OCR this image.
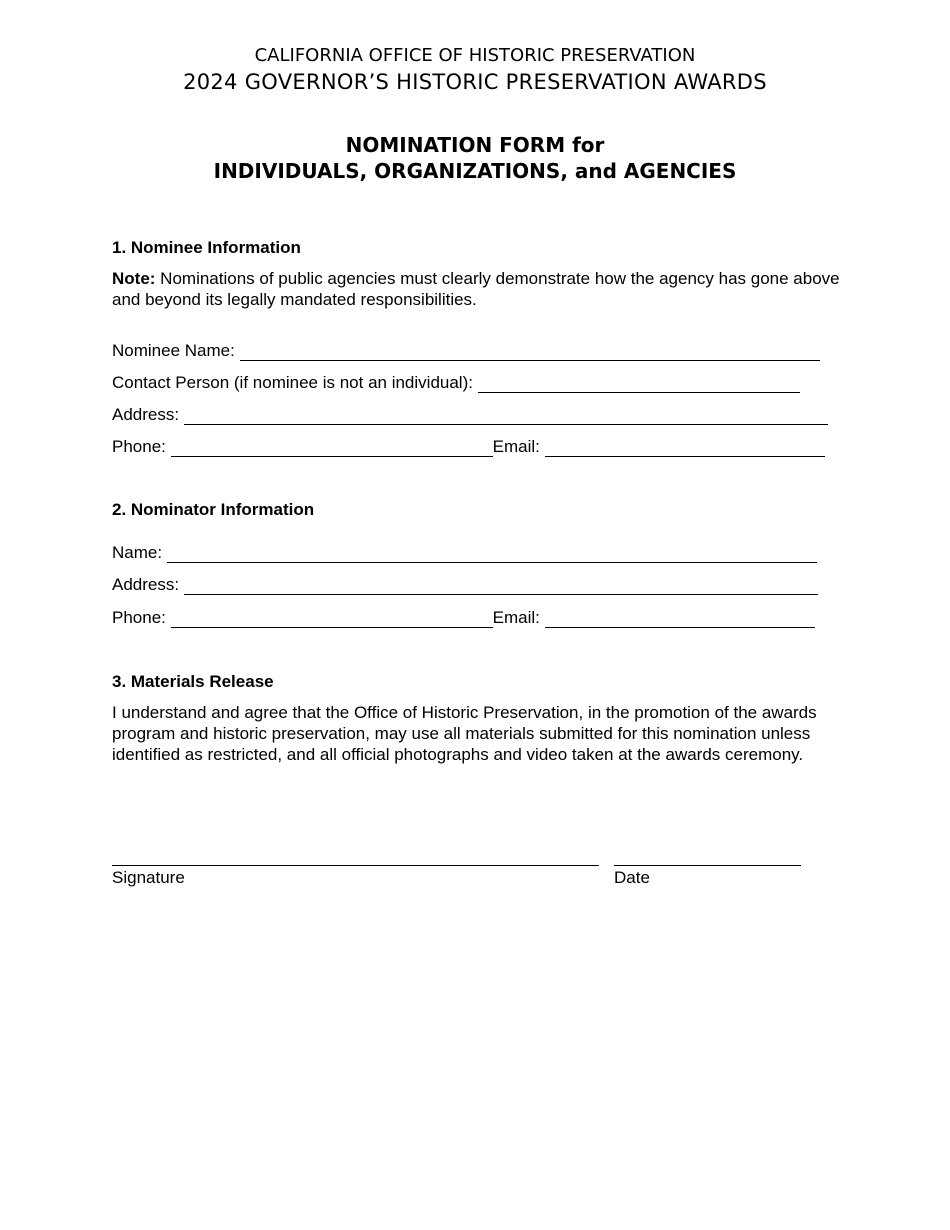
CALIFORNIA OFFICE OF HISTORIC PRESERVATION
2024 GOVERNOR’S HISTORIC PRESERVATION AWARDS
NOMINATION FORM for
INDIVIDUALS, ORGANIZATIONS, and AGENCIES
1. Nominee Information
Note: Nominations of public agencies must clearly demonstrate how the agency has gone above and beyond its legally mandated responsibilities.
Nominee Name:
Contact Person (if nominee is not an individual):
Address:
Phone:	Email:
2. Nominator Information
Name:
Address:
Phone:	Email:
3. Materials Release
I understand and agree that the Office of Historic Preservation, in the promotion of the awards program and historic preservation, may use all materials submitted for this nomination unless identified as restricted, and all official photographs and video taken at the awards ceremony.
Signature	Date
